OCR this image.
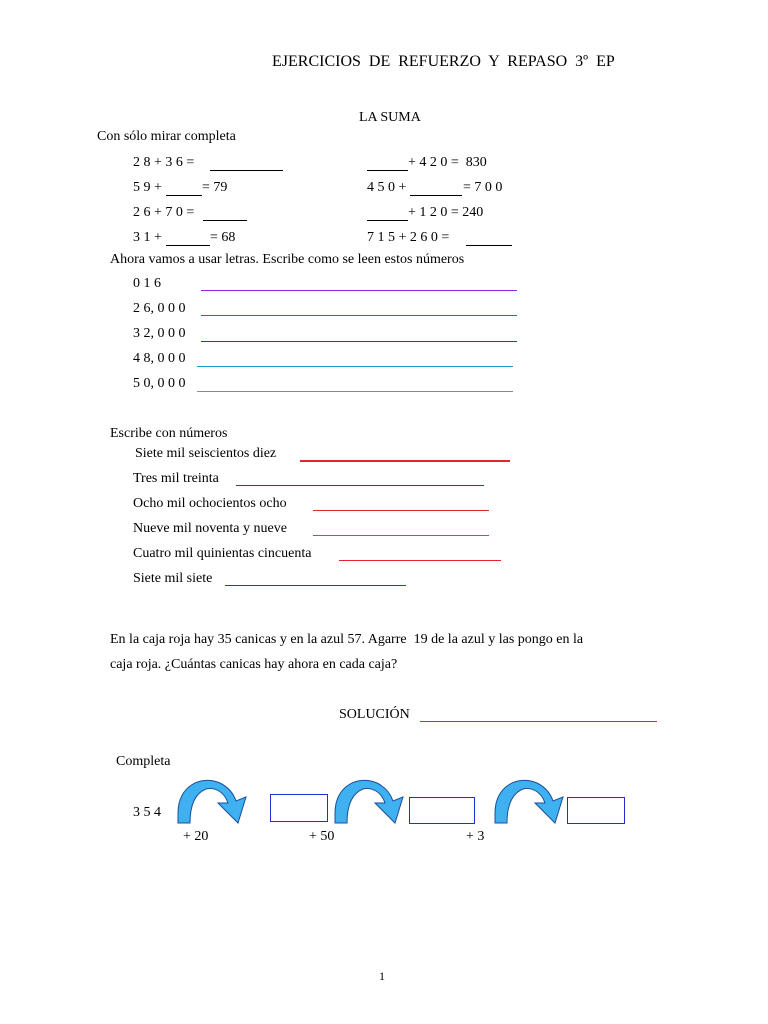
EJERCICIOS  DE  REFUERZO  Y  REPASO  3º  EP
LA SUMA
Con sólo mirar completa
2 8 + 3 6 =	+ 4 2 0 =  830
5 9 +	= 79	4 5 0 +	= 7 0 0
2 6 + 7 0 =	+ 1 2 0 = 240
3 1 +	= 68	7 1 5 + 2 6 0 =
Ahora vamos a usar letras. Escribe como se leen estos números
0 1 6
2 6, 0 0 0
3 2, 0 0 0
4 8, 0 0 0
5 0, 0 0 0
Escribe con números
Siete mil seiscientos diez
Tres mil treinta
Ocho mil ochocientos ocho
Nueve mil noventa y nueve
Cuatro mil quinientas cincuenta
Siete mil siete
En la caja roja hay 35 canicas y en la azul 57. Agarre  19 de la azul y las pongo en la
caja roja. ¿Cuántas canicas hay ahora en cada caja?
SOLUCIÓN
Completa
3 5 4
+ 20	+ 50	+ 3
1
